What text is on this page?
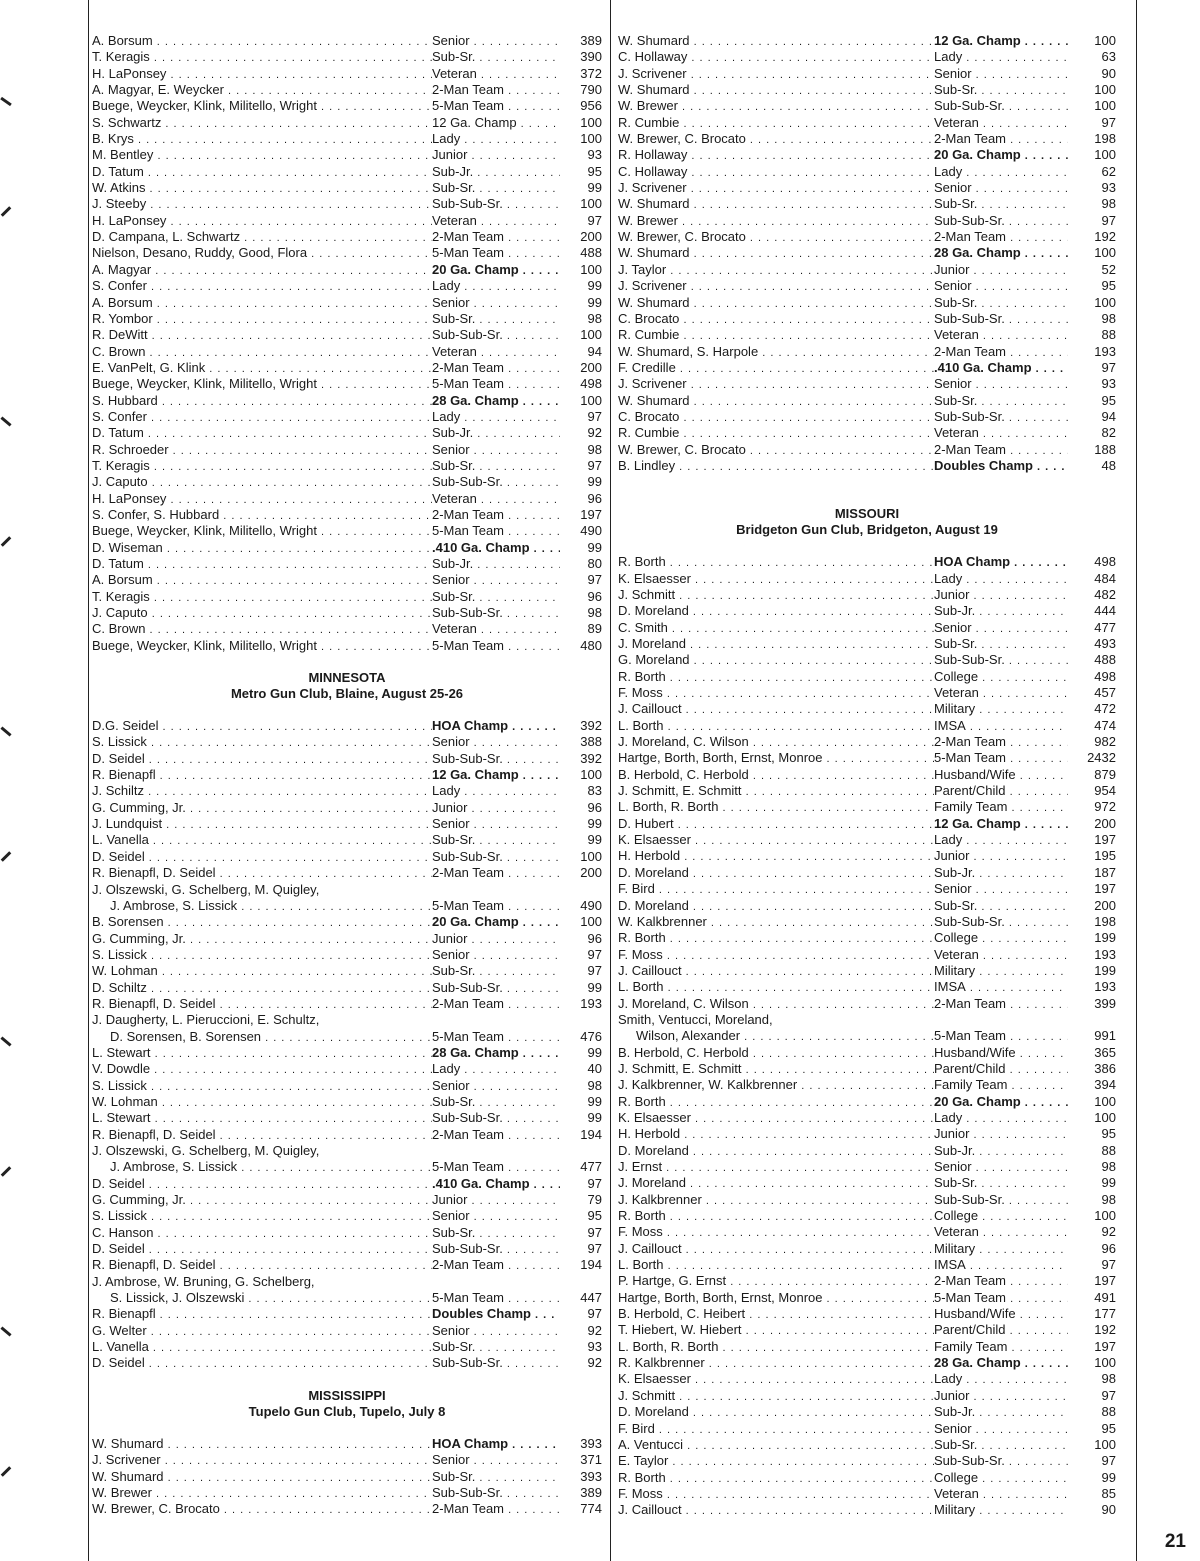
A. Borsum . . .	Senior . . .	389
T. Keragis . . .	Sub-Sr. . . .	390
H. LaPonsey . . .	Veteran . . .	372
A. Magyar, E. Weycker . . .	2-Man Team . . .	790
Buege, Weycker, Klink, Militello, Wright . . .	5-Man Team . . .	956
S. Schwartz . . .	12 Ga. Champ . . .	100
B. Krys . . .	Lady . . .	100
M. Bentley . . .	Junior . . .	93
D. Tatum . . .	Sub-Jr. . . .	95
W. Atkins . . .	Sub-Sr. . . .	99
J. Steeby . . .	Sub-Sub-Sr. . . .	100
H. LaPonsey . . .	Veteran . . .	97
D. Campana, L. Schwartz . . .	2-Man Team . . .	200
Nielson, Desano, Ruddy, Good, Flora . . .	5-Man Team . . .	488
A. Magyar . . .	20 Ga. Champ . . .	100
S. Confer . . .	Lady . . .	99
A. Borsum . . .	Senior . . .	99
R. Yombor . . .	Sub-Sr. . . .	98
R. DeWitt . . .	Sub-Sub-Sr. . . .	100
C. Brown . . .	Veteran . . .	94
E. VanPelt, G. Klink . . .	2-Man Team . . .	200
Buege, Weycker, Klink, Militello, Wright . . .	5-Man Team . . .	498
S. Hubbard . . .	28 Ga. Champ . . .	100
S. Confer . . .	Lady . . .	97
D. Tatum . . .	Sub-Jr. . . .	92
R. Schroeder . . .	Senior . . .	98
T. Keragis . . .	Sub-Sr. . . .	97
J. Caputo . . .	Sub-Sub-Sr. . . .	99
H. LaPonsey . . .	Veteran . . .	96
S. Confer, S. Hubbard . . .	2-Man Team . . .	197
Buege, Weycker, Klink, Militello, Wright . . .	5-Man Team . . .	490
D. Wiseman . . .	.410 Ga. Champ . . .	99
D. Tatum . . .	Sub-Jr. . . .	80
A. Borsum . . .	Senior . . .	97
T. Keragis . . .	Sub-Sr. . . .	96
J. Caputo . . .	Sub-Sub-Sr. . . .	98
C. Brown . . .	Veteran . . .	89
Buege, Weycker, Klink, Militello, Wright . . .	5-Man Team . . .	480
MINNESOTA
Metro Gun Club, Blaine, August 25-26
D.G. Seidel . . .	HOA Champ . . .	392
S. Lissick . . .	Senior . . .	388
D. Seidel . . .	Sub-Sub-Sr. . . .	392
R. Bienapfl . . .	12 Ga. Champ . . .	100
J. Schiltz . . .	Lady . . .	83
G. Cumming, Jr. . . .	Junior . . .	96
J. Lundquist . . .	Senior . . .	99
L. Vanella . . .	Sub-Sr. . . .	99
D. Seidel . . .	Sub-Sub-Sr. . . .	100
R. Bienapfl, D. Seidel . . .	2-Man Team . . .	200
J. Olszewski, G. Schelberg, M. Quigley,
J. Ambrose, S. Lissick . . .	5-Man Team . . .	490
B. Sorensen . . .	20 Ga. Champ . . .	100
G. Cumming, Jr. . . .	Junior . . .	96
S. Lissick . . .	Senior . . .	97
W. Lohman . . .	Sub-Sr. . . .	97
D. Schiltz . . .	Sub-Sub-Sr. . . .	99
R. Bienapfl, D. Seidel . . .	2-Man Team . . .	193
J. Daugherty, L. Pieruccioni, E. Schultz,
D. Sorensen, B. Sorensen . . .	5-Man Team . . .	476
L. Stewart . . .	28 Ga. Champ . . .	99
V. Dowdle . . .	Lady . . .	40
S. Lissick . . .	Senior . . .	98
W. Lohman . . .	Sub-Sr. . . .	99
L. Stewart . . .	Sub-Sub-Sr. . . .	99
R. Bienapfl, D. Seidel . . .	2-Man Team . . .	194
J. Olszewski, G. Schelberg, M. Quigley,
J. Ambrose, S. Lissick . . .	5-Man Team . . .	477
D. Seidel . . .	.410 Ga. Champ . . .	97
G. Cumming, Jr. . . .	Junior . . .	79
S. Lissick . . .	Senior . . .	95
C. Hanson . . .	Sub-Sr. . . .	97
D. Seidel . . .	Sub-Sub-Sr. . . .	97
R. Bienapfl, D. Seidel . . .	2-Man Team . . .	194
J. Ambrose, W. Bruning, G. Schelberg,
S. Lissick, J. Olszewski . . .	5-Man Team . . .	447
R. Bienapfl . . .	Doubles Champ . . .	97
G. Welter . . .	Senior . . .	92
L. Vanella . . .	Sub-Sr. . . .	93
D. Seidel . . .	Sub-Sub-Sr. . . .	92
MISSISSIPPI
Tupelo Gun Club, Tupelo, July 8
W. Shumard . . .	HOA Champ . . .	393
J. Scrivener . . .	Senior . . .	371
W. Shumard . . .	Sub-Sr. . . .	393
W. Brewer . . .	Sub-Sub-Sr. . . .	389
W. Brewer, C. Brocato . . .	2-Man Team . . .	774
W. Shumard . . .	12 Ga. Champ . . .	100
C. Hollaway . . .	Lady . . .	63
J. Scrivener . . .	Senior . . .	90
W. Shumard . . .	Sub-Sr. . . .	100
W. Brewer . . .	Sub-Sub-Sr. . . .	100
R. Cumbie . . .	Veteran . . .	97
W. Brewer, C. Brocato . . .	2-Man Team . . .	198
R. Hollaway . . .	20 Ga. Champ . . .	100
C. Hollaway . . .	Lady . . .	62
J. Scrivener . . .	Senior . . .	93
W. Shumard . . .	Sub-Sr. . . .	98
W. Brewer . . .	Sub-Sub-Sr. . . .	97
W. Brewer, C. Brocato . . .	2-Man Team . . .	192
W. Shumard . . .	28 Ga. Champ . . .	100
J. Taylor . . .	Junior . . .	52
J. Scrivener . . .	Senior . . .	95
W. Shumard . . .	Sub-Sr. . . .	100
C. Brocato . . .	Sub-Sub-Sr. . . .	98
R. Cumbie . . .	Veteran . . .	88
W. Shumard, S. Harpole . . .	2-Man Team . . .	193
F. Credille . . .	.410 Ga. Champ . . .	97
J. Scrivener . . .	Senior . . .	93
W. Shumard . . .	Sub-Sr. . . .	95
C. Brocato . . .	Sub-Sub-Sr. . . .	94
R. Cumbie . . .	Veteran . . .	82
W. Brewer, C. Brocato . . .	2-Man Team . . .	188
B. Lindley . . .	Doubles Champ . . .	48
MISSOURI
Bridgeton Gun Club, Bridgeton, August 19
R. Borth . . .	HOA Champ . . .	498
K. Elsaesser . . .	Lady . . .	484
J. Schmitt . . .	Junior . . .	482
D. Moreland . . .	Sub-Jr. . . .	444
C. Smith . . .	Senior . . .	477
J. Moreland . . .	Sub-Sr. . . .	493
G. Moreland . . .	Sub-Sub-Sr. . . .	488
R. Borth . . .	College . . .	498
F. Moss . . .	Veteran . . .	457
J. Caillouct . . .	Military . . .	472
L. Borth . . .	IMSA . . .	474
J. Moreland, C. Wilson . . .	2-Man Team . . .	982
Hartge, Borth, Borth, Ernst, Monroe . . .	5-Man Team . . .	2432
B. Herbold, C. Herbold . . .	Husband/Wife . . .	879
J. Schmitt, E. Schmitt . . .	Parent/Child . . .	954
L. Borth, R. Borth . . .	Family Team . . .	972
D. Hubert . . .	12 Ga. Champ . . .	200
K. Elsaesser . . .	Lady . . .	197
H. Herbold . . .	Junior . . .	195
D. Moreland . . .	Sub-Jr. . . .	187
F. Bird . . .	Senior . . .	197
D. Moreland . . .	Sub-Sr. . . .	200
W. Kalkbrenner . . .	Sub-Sub-Sr. . . .	198
R. Borth . . .	College . . .	199
F. Moss . . .	Veteran . . .	193
J. Caillouct . . .	Military . . .	199
L. Borth . . .	IMSA . . .	193
J. Moreland, C. Wilson . . .	2-Man Team . . .	399
Smith, Ventucci, Moreland,
Wilson, Alexander . . .	5-Man Team . . .	991
B. Herbold, C. Herbold . . .	Husband/Wife . . .	365
J. Schmitt, E. Schmitt . . .	Parent/Child . . .	386
J. Kalkbrenner, W. Kalkbrenner . . .	Family Team . . .	394
R. Borth . . .	20 Ga. Champ . . .	100
K. Elsaesser . . .	Lady . . .	100
H. Herbold . . .	Junior . . .	95
D. Moreland . . .	Sub-Jr. . . .	88
J. Ernst . . .	Senior . . .	98
J. Moreland . . .	Sub-Sr. . . .	99
J. Kalkbrenner . . .	Sub-Sub-Sr. . . .	98
R. Borth . . .	College . . .	100
F. Moss . . .	Veteran . . .	92
J. Caillouct . . .	Military . . .	96
L. Borth . . .	IMSA . . .	97
P. Hartge, G. Ernst . . .	2-Man Team . . .	197
Hartge, Borth, Borth, Ernst, Monroe . . .	5-Man Team . . .	491
B. Herbold, C. Heibert . . .	Husband/Wife . . .	177
T. Hiebert, W. Hiebert . . .	Parent/Child . . .	192
L. Borth, R. Borth . . .	Family Team . . .	197
R. Kalkbrenner . . .	28 Ga. Champ . . .	100
K. Elsaesser . . .	Lady . . .	98
J. Schmitt . . .	Junior . . .	97
D. Moreland . . .	Sub-Jr. . . .	88
F. Bird . . .	Senior . . .	95
A. Ventucci . . .	Sub-Sr. . . .	100
E. Taylor . . .	Sub-Sub-Sr. . . .	97
R. Borth . . .	College . . .	99
F. Moss . . .	Veteran . . .	85
J. Caillouct . . .	Military . . .	90
21
